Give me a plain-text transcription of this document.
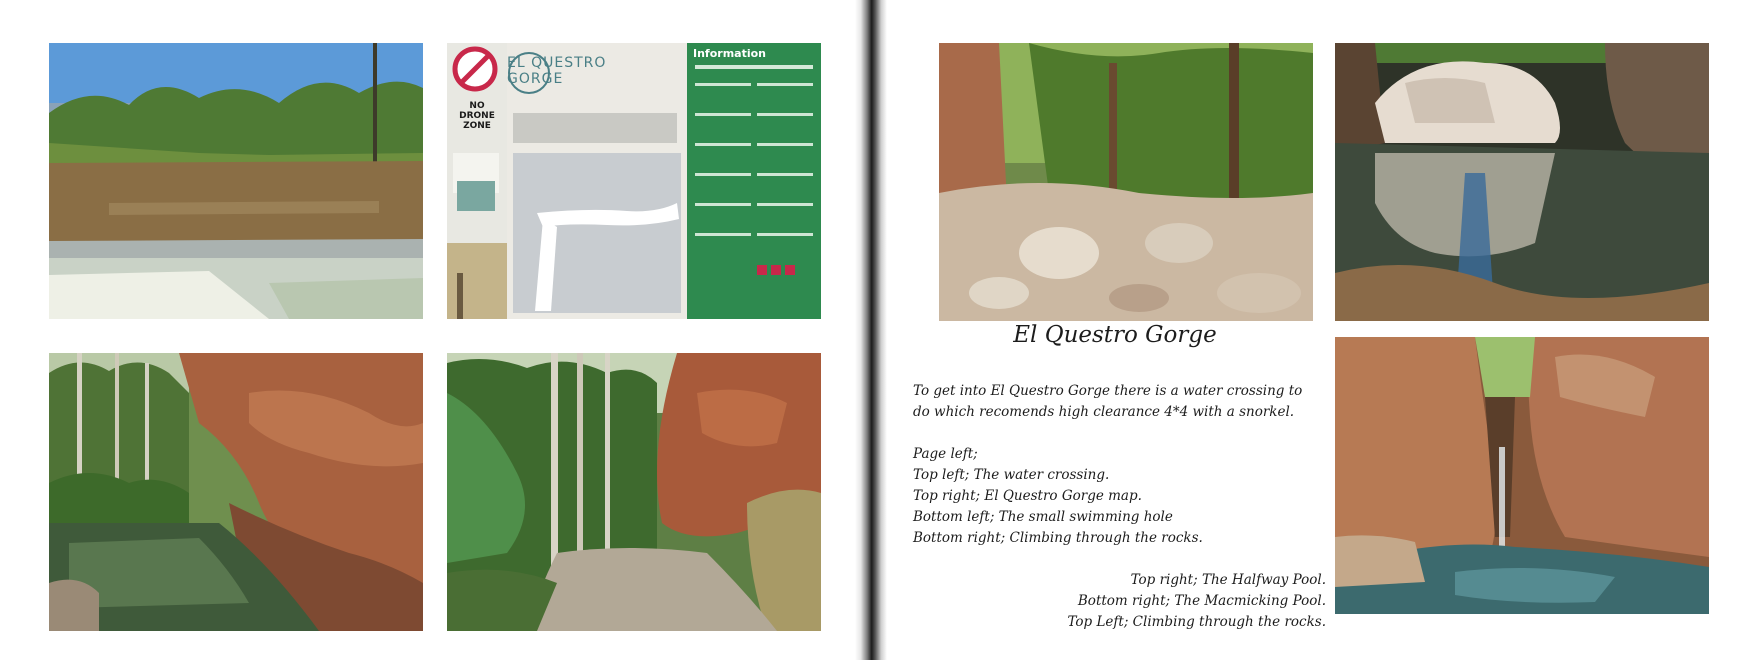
EL QUESTRO
GORGE
Information
NO
DRONE
ZONE
El Questro Gorge
To get into El Questro Gorge there is a water crossing to
do which recomends high clearance 4*4 with a snorkel.
Page left;
Top left; The water crossing.
Top right; El Questro Gorge map.
Bottom left; The small swimming hole
Bottom right; Climbing through the rocks.
Top right; The Halfway Pool.
Bottom right; The Macmicking Pool.
Top Left; Climbing through the rocks.
